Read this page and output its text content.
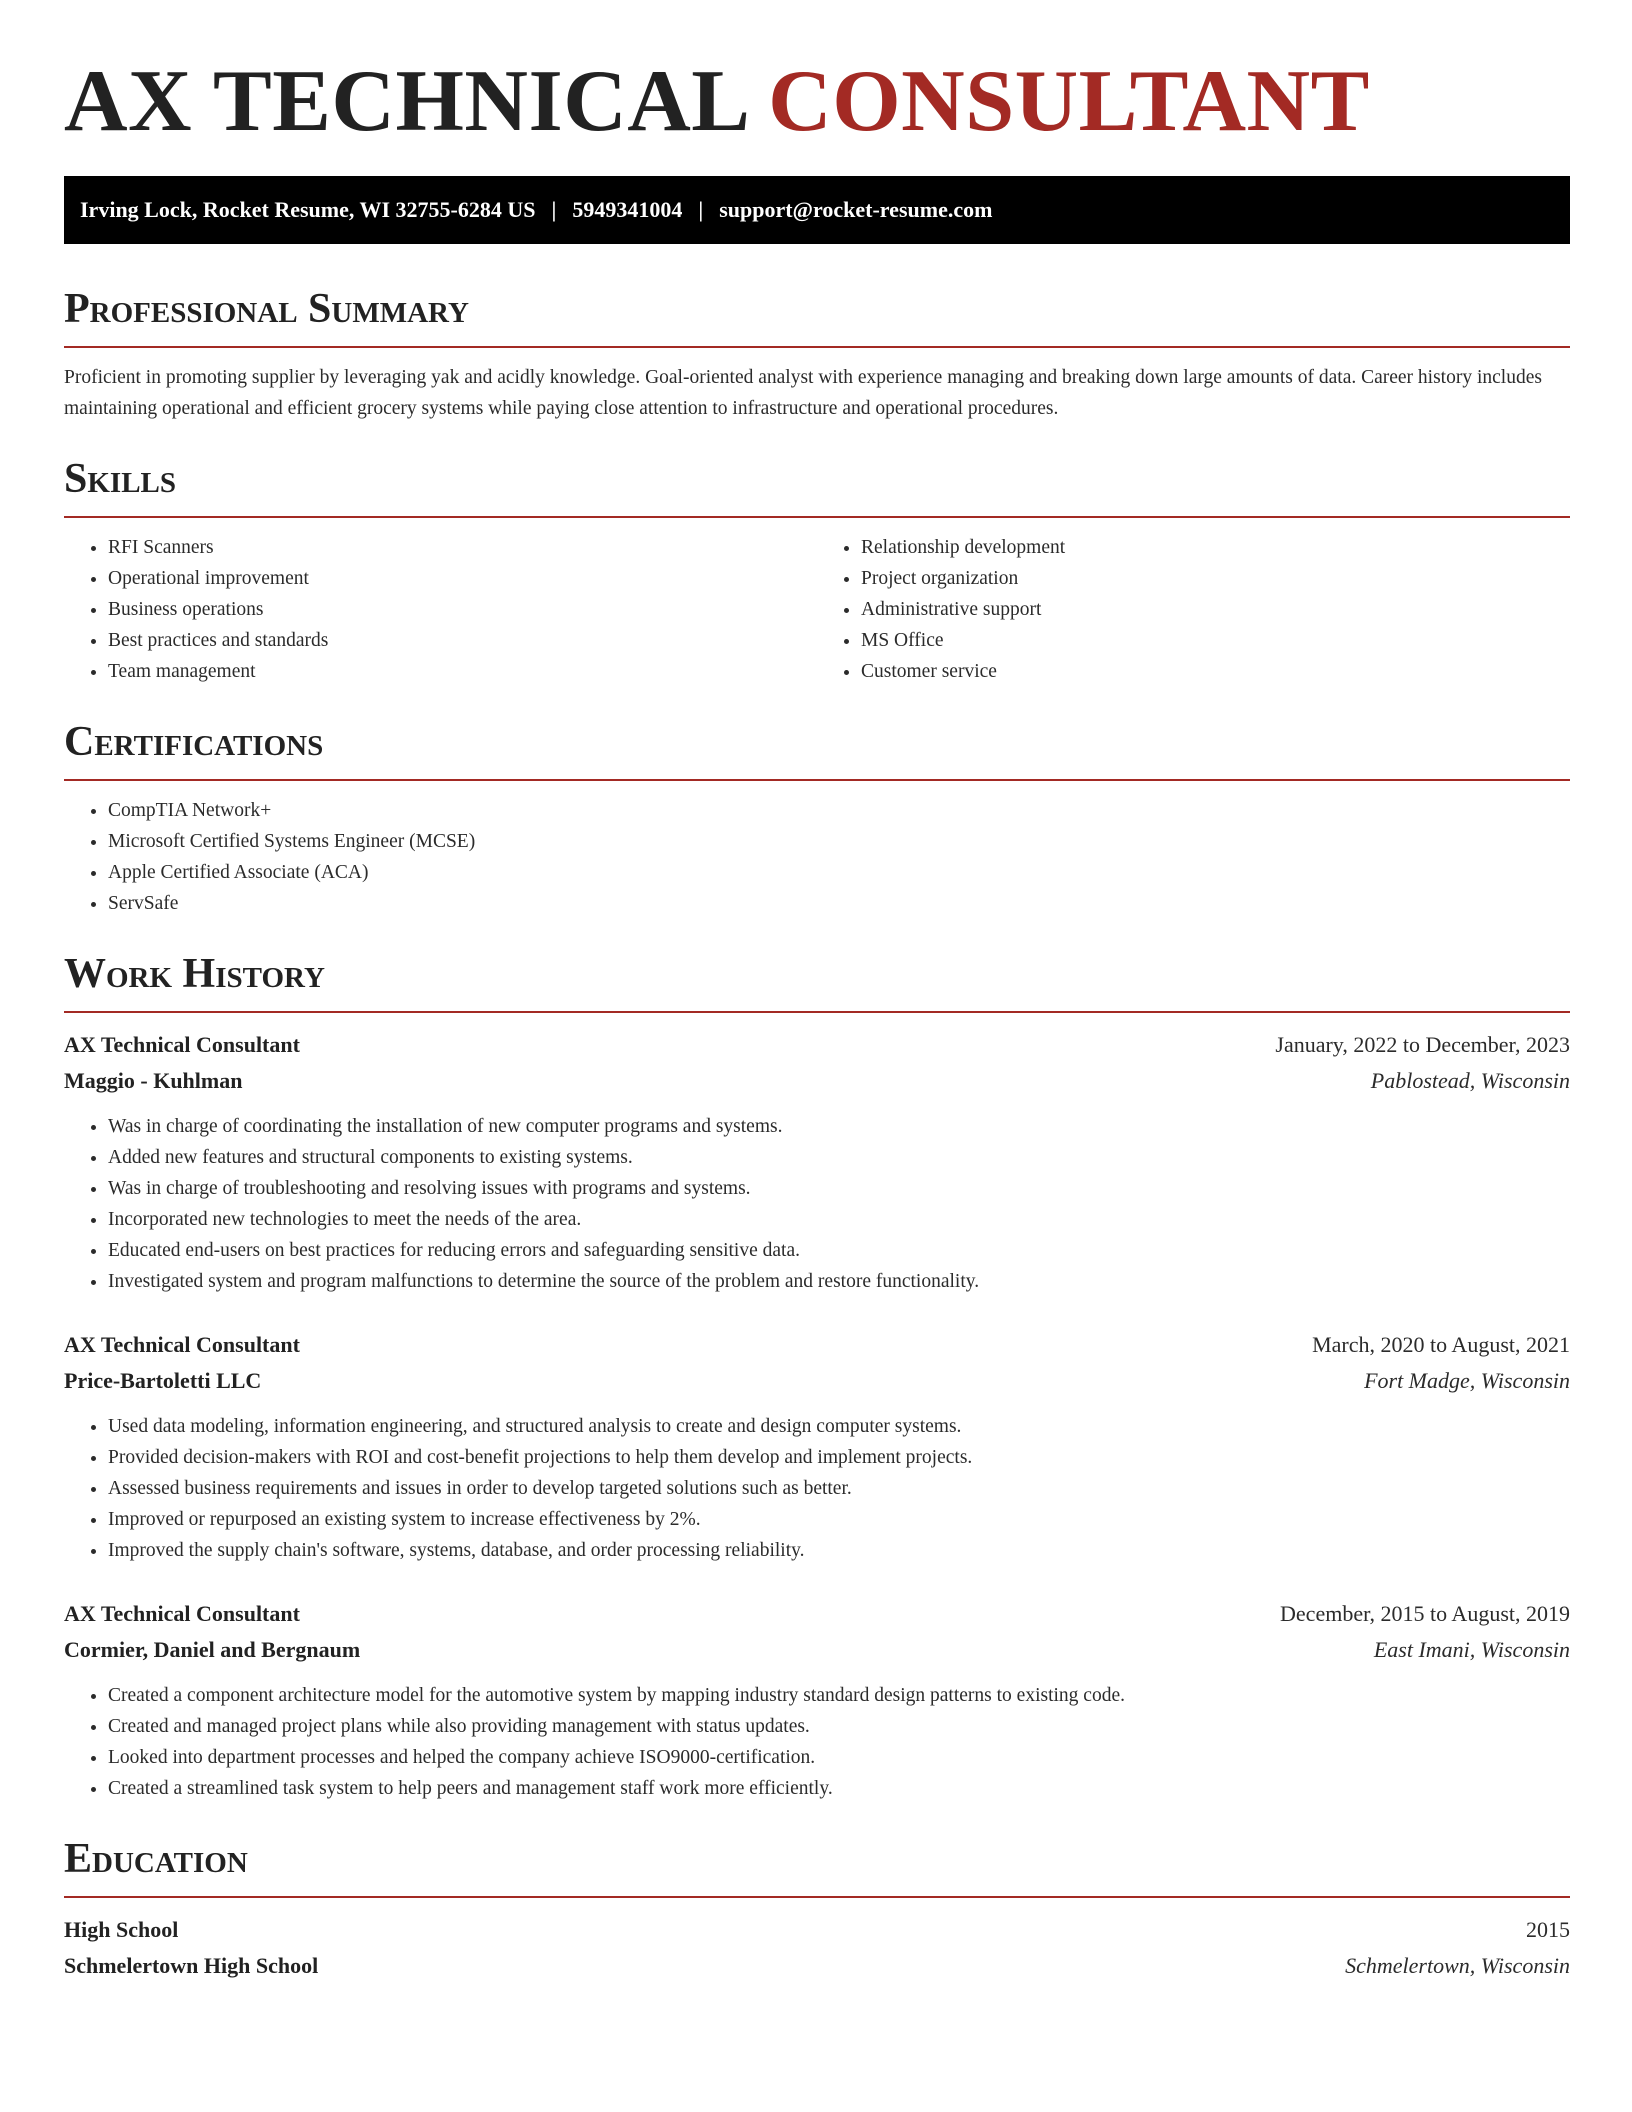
AX TECHNICAL CONSULTANT
Irving Lock, Rocket Resume, WI 32755-6284 US | 5949341004 | support@rocket-resume.com
Professional Summary

Proficient in promoting supplier by leveraging yak and acidly knowledge. Goal-oriented analyst with experience managing and breaking down large amounts of data. Career history includes maintaining operational and efficient grocery systems while paying close attention to infrastructure and operational procedures.

Skills
• RFI Scanners
• Operational improvement
• Business operations
• Best practices and standards
• Team management
• Relationship development
• Project organization
• Administrative support
• MS Office
• Customer service
Certifications
• CompTIA Network+
• Microsoft Certified Systems Engineer (MCSE)
• Apple Certified Associate (ACA)
• ServSafe
Work History
AX Technical Consultant	January, 2022 to December, 2023
Maggio - Kuhlman	Pablostead, Wisconsin
• Was in charge of coordinating the installation of new computer programs and systems.
• Added new features and structural components to existing systems.
• Was in charge of troubleshooting and resolving issues with programs and systems.
• Incorporated new technologies to meet the needs of the area.
• Educated end-users on best practices for reducing errors and safeguarding sensitive data.
• Investigated system and program malfunctions to determine the source of the problem and restore functionality.
AX Technical Consultant	March, 2020 to August, 2021
Price-Bartoletti LLC	Fort Madge, Wisconsin
• Used data modeling, information engineering, and structured analysis to create and design computer systems.
• Provided decision-makers with ROI and cost-benefit projections to help them develop and implement projects.
• Assessed business requirements and issues in order to develop targeted solutions such as better.
• Improved or repurposed an existing system to increase effectiveness by 2%.
• Improved the supply chain's software, systems, database, and order processing reliability.
AX Technical Consultant	December, 2015 to August, 2019
Cormier, Daniel and Bergnaum	East Imani, Wisconsin
• Created a component architecture model for the automotive system by mapping industry standard design patterns to existing code.
• Created and managed project plans while also providing management with status updates.
• Looked into department processes and helped the company achieve ISO9000-certification.
• Created a streamlined task system to help peers and management staff work more efficiently.
Education
High School	2015
Schmelertown High School	Schmelertown, Wisconsin
